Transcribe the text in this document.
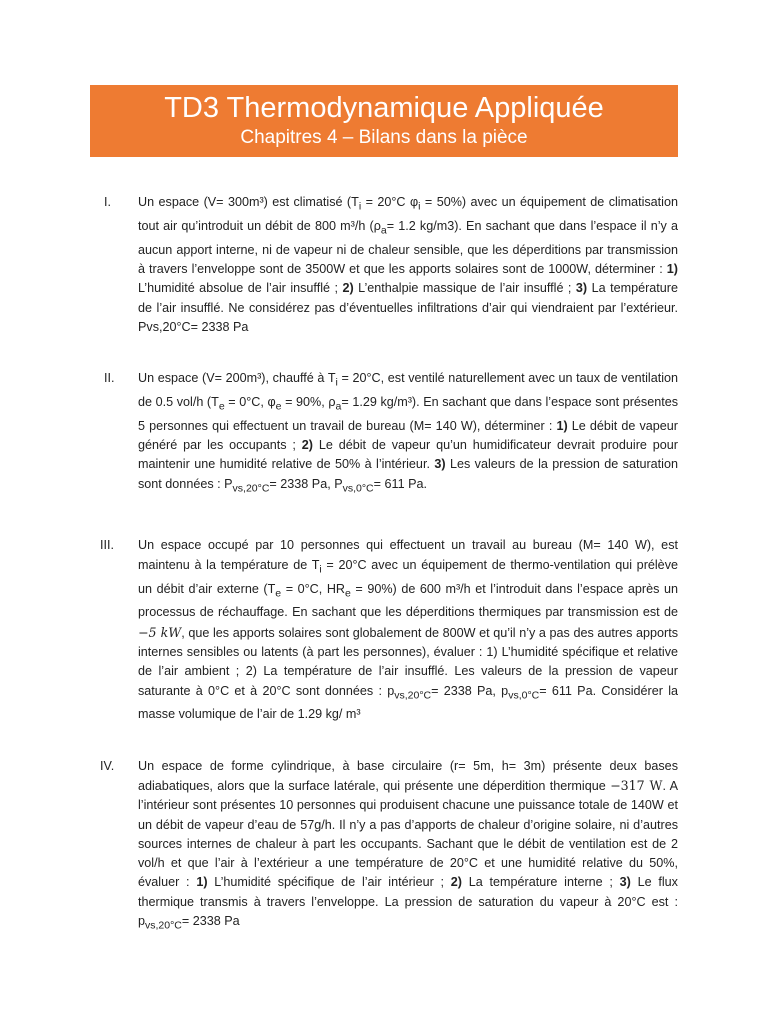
TD3 Thermodynamique Appliquée
Chapitres 4 – Bilans dans la pièce
I. Un espace (V= 300m³) est climatisé ($T_i = 20^\circ C$ $\varphi_i = 50\%$) avec un équipement de climatisation tout air qu’introduit un débit de 800 m³/h ($\rho_a= 1.2$ kg/m3). En sachant que dans l’espace il n’y a aucun apport interne, ni de vapeur ni de chaleur sensible, que les déperditions par transmission à travers l’enveloppe sont de 3500W et que les apports solaires sont de 1000W, déterminer : 1) L’humidité absolue de l’air insufflé ; 2) L’enthalpie massique de l’air insufflé ; 3) La température de l’air insufflé. Ne considérez pas d’éventuelles infiltrations d’air qui viendraient par l’extérieur. Pvs,20°C= 2338 Pa
II. Un espace (V= 200m³), chauffé à $T_i = 20^\circ C$, est ventilé naturellement avec un taux de ventilation de 0.5 vol/h ($T_e = 0^\circ C$, $\varphi_e = 90\%$, $\rho_a= 1.29$ kg/m³). En sachant que dans l’espace sont présentes 5 personnes qui effectuent un travail de bureau (M= 140 W), déterminer : 1) Le débit de vapeur généré par les occupants ; 2) Le débit de vapeur qu’un humidificateur devrait produire pour maintenir une humidité relative de 50% à l’intérieur. 3) Les valeurs de la pression de saturation sont données : $P_{vs,20^\circ C}= 2338$ Pa, $P_{vs,0^\circ C}= 611$ Pa.
III. Un espace occupé par 10 personnes qui effectuent un travail au bureau (M= 140 W), est maintenu à la température de $T_i = 20^\circ C$ avec un équipement de thermo-ventilation qui prélève un débit d’air externe ($T_e = 0^\circ C$, $HR_e = 90\%$) de 600 m³/h et l’introduit dans l’espace après un processus de réchauffage. En sachant que les déperditions thermiques par transmission est de −5 kW, que les apports solaires sont globalement de 800W et qu’il n’y a pas des autres apports internes sensibles ou latents (à part les personnes), évaluer : 1) L’humidité spécifique et relative de l’air ambient ; 2) La température de l’air insufflé. Les valeurs de la pression de vapeur saturante à 0°C et à 20°C sont données : $p_{vs,20^\circ C}= 2338$ Pa, $p_{vs,0^\circ C}= 611$ Pa. Considérer la masse volumique de l’air de 1.29 kg/ m³
IV. Un espace de forme cylindrique, à base circulaire (r= 5m, h= 3m) présente deux bases adiabatiques, alors que la surface latérale, qui présente une déperdition thermique −317 W. A l’intérieur sont présentes 10 personnes qui produisent chacune une puissance totale de 140W et un débit de vapeur d’eau de 57g/h. Il n’y a pas d’apports de chaleur d’origine solaire, ni d’autres sources internes de chaleur à part les occupants. Sachant que le débit de ventilation est de 2 vol/h et que l’air à l’extérieur a une température de 20°C et une humidité relative du 50%, évaluer : 1) L’humidité spécifique de l’air intérieur ; 2) La température interne ; 3) Le flux thermique transmis à travers l’enveloppe. La pression de saturation du vapeur à 20°C est : $p_{vs,20^\circ C}= 2338$ Pa
